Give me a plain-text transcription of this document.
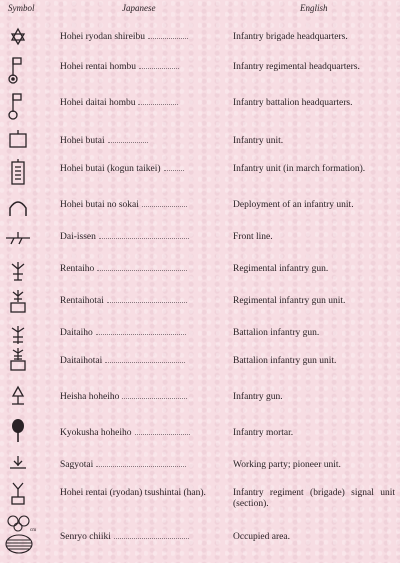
Symbol	Japanese	English
Hohei ryodan shireibu	Infantry brigade headquarters.
Hohei rentai hombu	Infantry regimental headquarters.
Hohei daitai hombu	Infantry battalion headquarters.
Hohei butai	Infantry unit.
Hohei butai (kogun taikei)	Infantry unit (in march formation).
Hohei butai no sokai	Deployment of an infantry unit.
Dai-issen	Front line.
Rentaiho	Regimental infantry gun.
Rentaihotai	Regimental infantry gun unit.
Daitaiho	Battalion infantry gun.
Daitaihotai	Battalion infantry gun unit.
Heisha hoheiho	Infantry gun.
Kyokusha hoheiho	Infantry mortar.
Sagyotai	Working party; pioneer unit.
Hohei rentai (ryodan) tsushintai (han).	Infantry regiment (brigade) signal unit (section).
cm
Senryo chiiki	Occupied area.
